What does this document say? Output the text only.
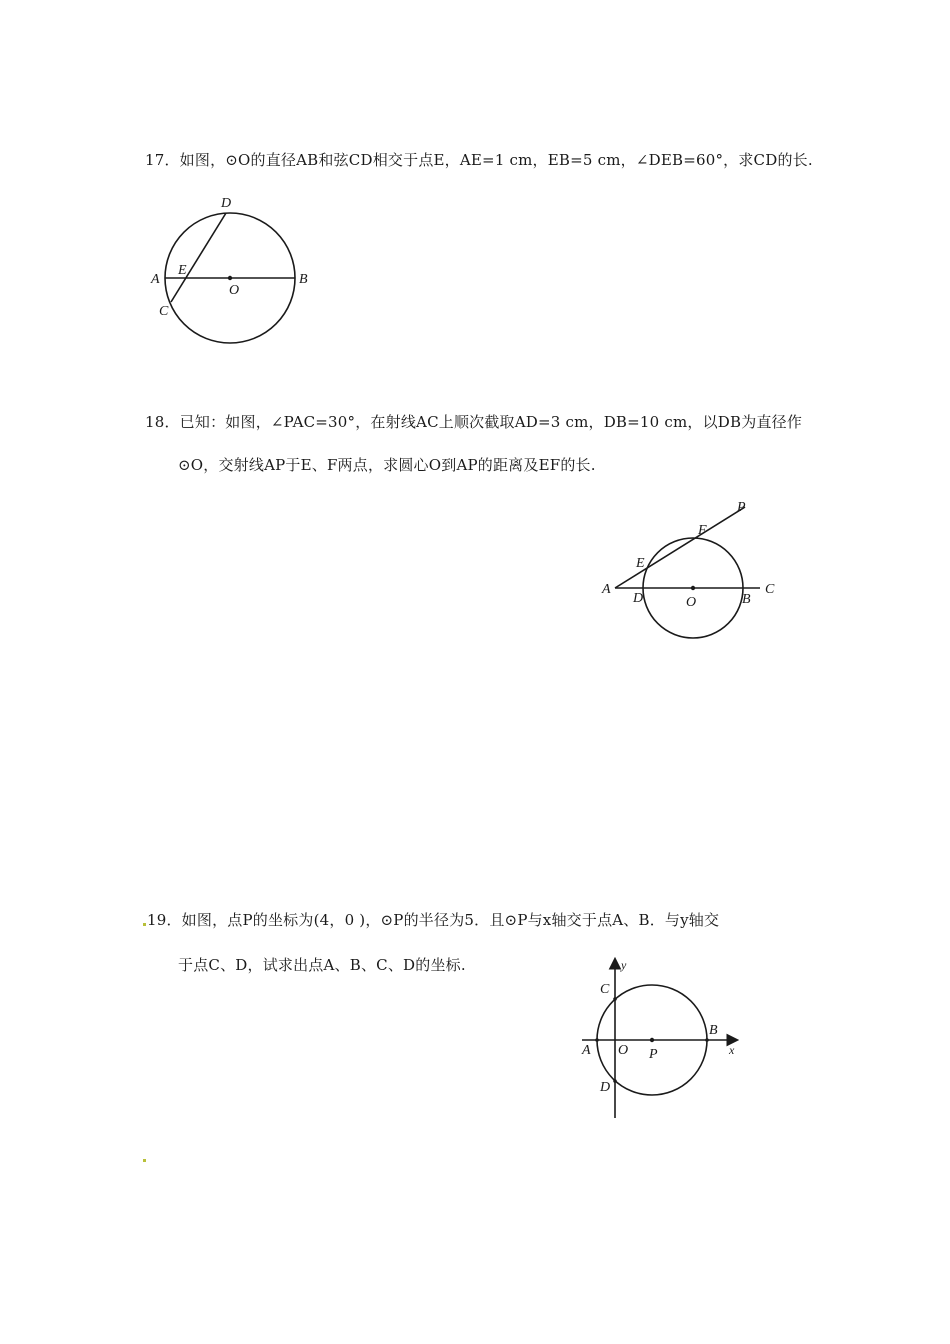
17．如图，⊙O的直径AB和弦CD相交于点E，AE=1 cm，EB=5 cm，∠DEB=60°，求CD的长.
D
E
A
O
B
C
18．已知：如图，∠PAC=30°，在射线AC上顺次截取AD=3 cm，DB=10 cm，以DB为直径作
⊙O，交射线AP于E、F两点，求圆心O到AP的距离及EF的长.
P
F
E
A
D	O	B
C
19．如图，点P的坐标为(4，0 )，⊙P的半径为5．且⊙P与x轴交于点A、B．与y轴交
于点C、D，试求出点A、B、C、D的坐标.	y
C
B
A O P	x
D
